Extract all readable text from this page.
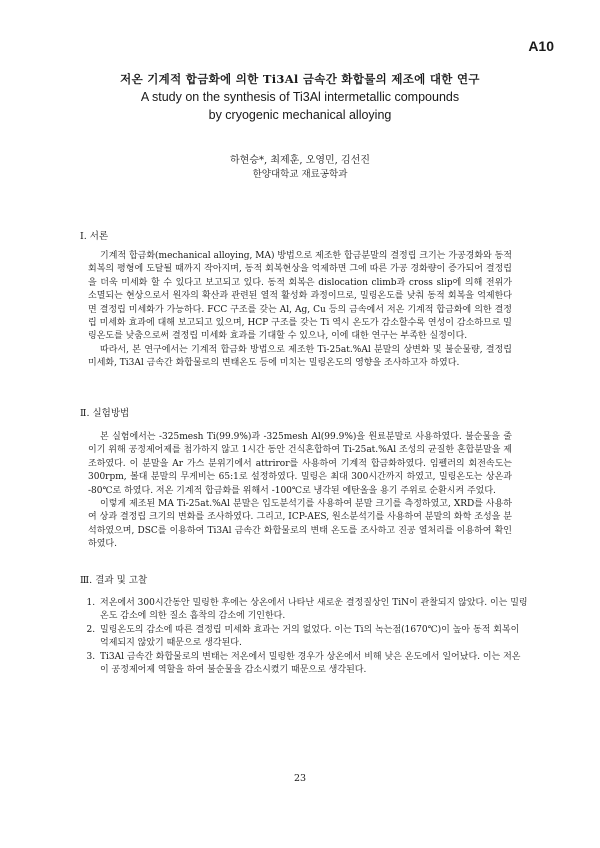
A10
저온 기계적 합금화에 의한 Ti3Al 금속간 화합물의 제조에 대한 연구
A study on the synthesis of Ti3Al intermetallic compounds
by cryogenic mechanical alloying
하현승*, 최제훈, 오영민, 김선진
한양대학교 재료공학과
Ⅰ. 서론

기계적 합금화(mechanical alloying, MA) 방법으로 제조한 합금분말의 결정립 크기는 가공경화와 동적 회복의 평형에 도달될 때까지 작아지며, 동적 회복현상을 억제하면 그에 따른 가공 경화량이 증가되어 결정립을 더욱 미세화 할 수 있다고 보고되고 있다. 동적 회복은 dislocation climb과 cross slip에 의해 전위가 소멸되는 현상으로서 원자의 확산과 관련된 열적 활성화 과정이므로, 밀링온도를 낮춰 동적 회복을 억제한다면 결정립 미세화가 가능하다. FCC 구조를 갖는 Al, Ag, Cu 등의 금속에서 저온 기계적 합금화에 의한 결정립 미세화 효과에 대해 보고되고 있으며, HCP 구조를 갖는 Ti 역시 온도가 감소할수록 연성이 감소하므로 밀링온도를 낮춤으로써 결정립 미세화 효과를 기대할 수 있으나, 이에 대한 연구는 부족한 실정이다.

따라서, 본 연구에서는 기계적 합금화 방법으로 제조한 Ti-25at.%Al 분말의 상변화 및 불순물량, 결정립 미세화, Ti3Al 금속간 화합물로의 변태온도 등에 미치는 밀링온도의 영향을 조사하고자 하였다.

Ⅱ. 실험방법

본 실험에서는 -325mesh Ti(99.9%)과 -325mesh Al(99.9%)을 원료분말로 사용하였다. 불순물을 줄이기 위해 공정제어제를 첨가하지 않고 1시간 동안 건식혼합하여 Ti-25at.%Al 조성의 균질한 혼합분말을 제조하였다. 이 분말을 Ar 가스 분위기에서 attriror를 사용하여 기계적 합금화하였다. 임펠러의 회전속도는 300rpm, 볼대 분말의 무게비는 65:1로 설정하였다. 밀링은 최대 300시간까지 하였고, 밀링온도는 상온과 -80℃로 하였다. 저온 기계적 합금화를 위해서 -100℃로 냉각된 에탄올을 용기 주위로 순환시켜 주었다.

이렇게 제조된 MA Ti-25at.%Al 분말은 입도분석기를 사용하여 분말 크기를 측정하였고, XRD를 사용하여 상과 결정립 크기의 변화를 조사하였다. 그리고, ICP-AES, 원소분석기를 사용하여 분말의 화학 조성을 분석하였으며, DSC를 이용하여 Ti3Al 금속간 화합물로의 변태 온도를 조사하고 진공 열처리를 이용하여 확인하였다.

Ⅲ. 결과 및 고찰
1. 저온에서 300시간동안 밀링한 후에는 상온에서 나타난 새로운 결정질상인 TiN이 관찰되지 않았다. 이는 밀링온도 감소에 의한 질소 흡착의 감소에 기인한다.
2. 밀링온도의 감소에 따른 결정립 미세화 효과는 거의 없었다. 이는 Ti의 녹는점(1670℃)이 높아 동적 회복이 억제되지 않았기 때문으로 생각된다.
3. Ti3Al 금속간 화합물로의 변태는 저온에서 밀링한 경우가 상온에서 비해 낮은 온도에서 일어났다. 이는 저온이 공정제어제 역할을 하여 불순물을 감소시켰기 때문으로 생각된다.
23
